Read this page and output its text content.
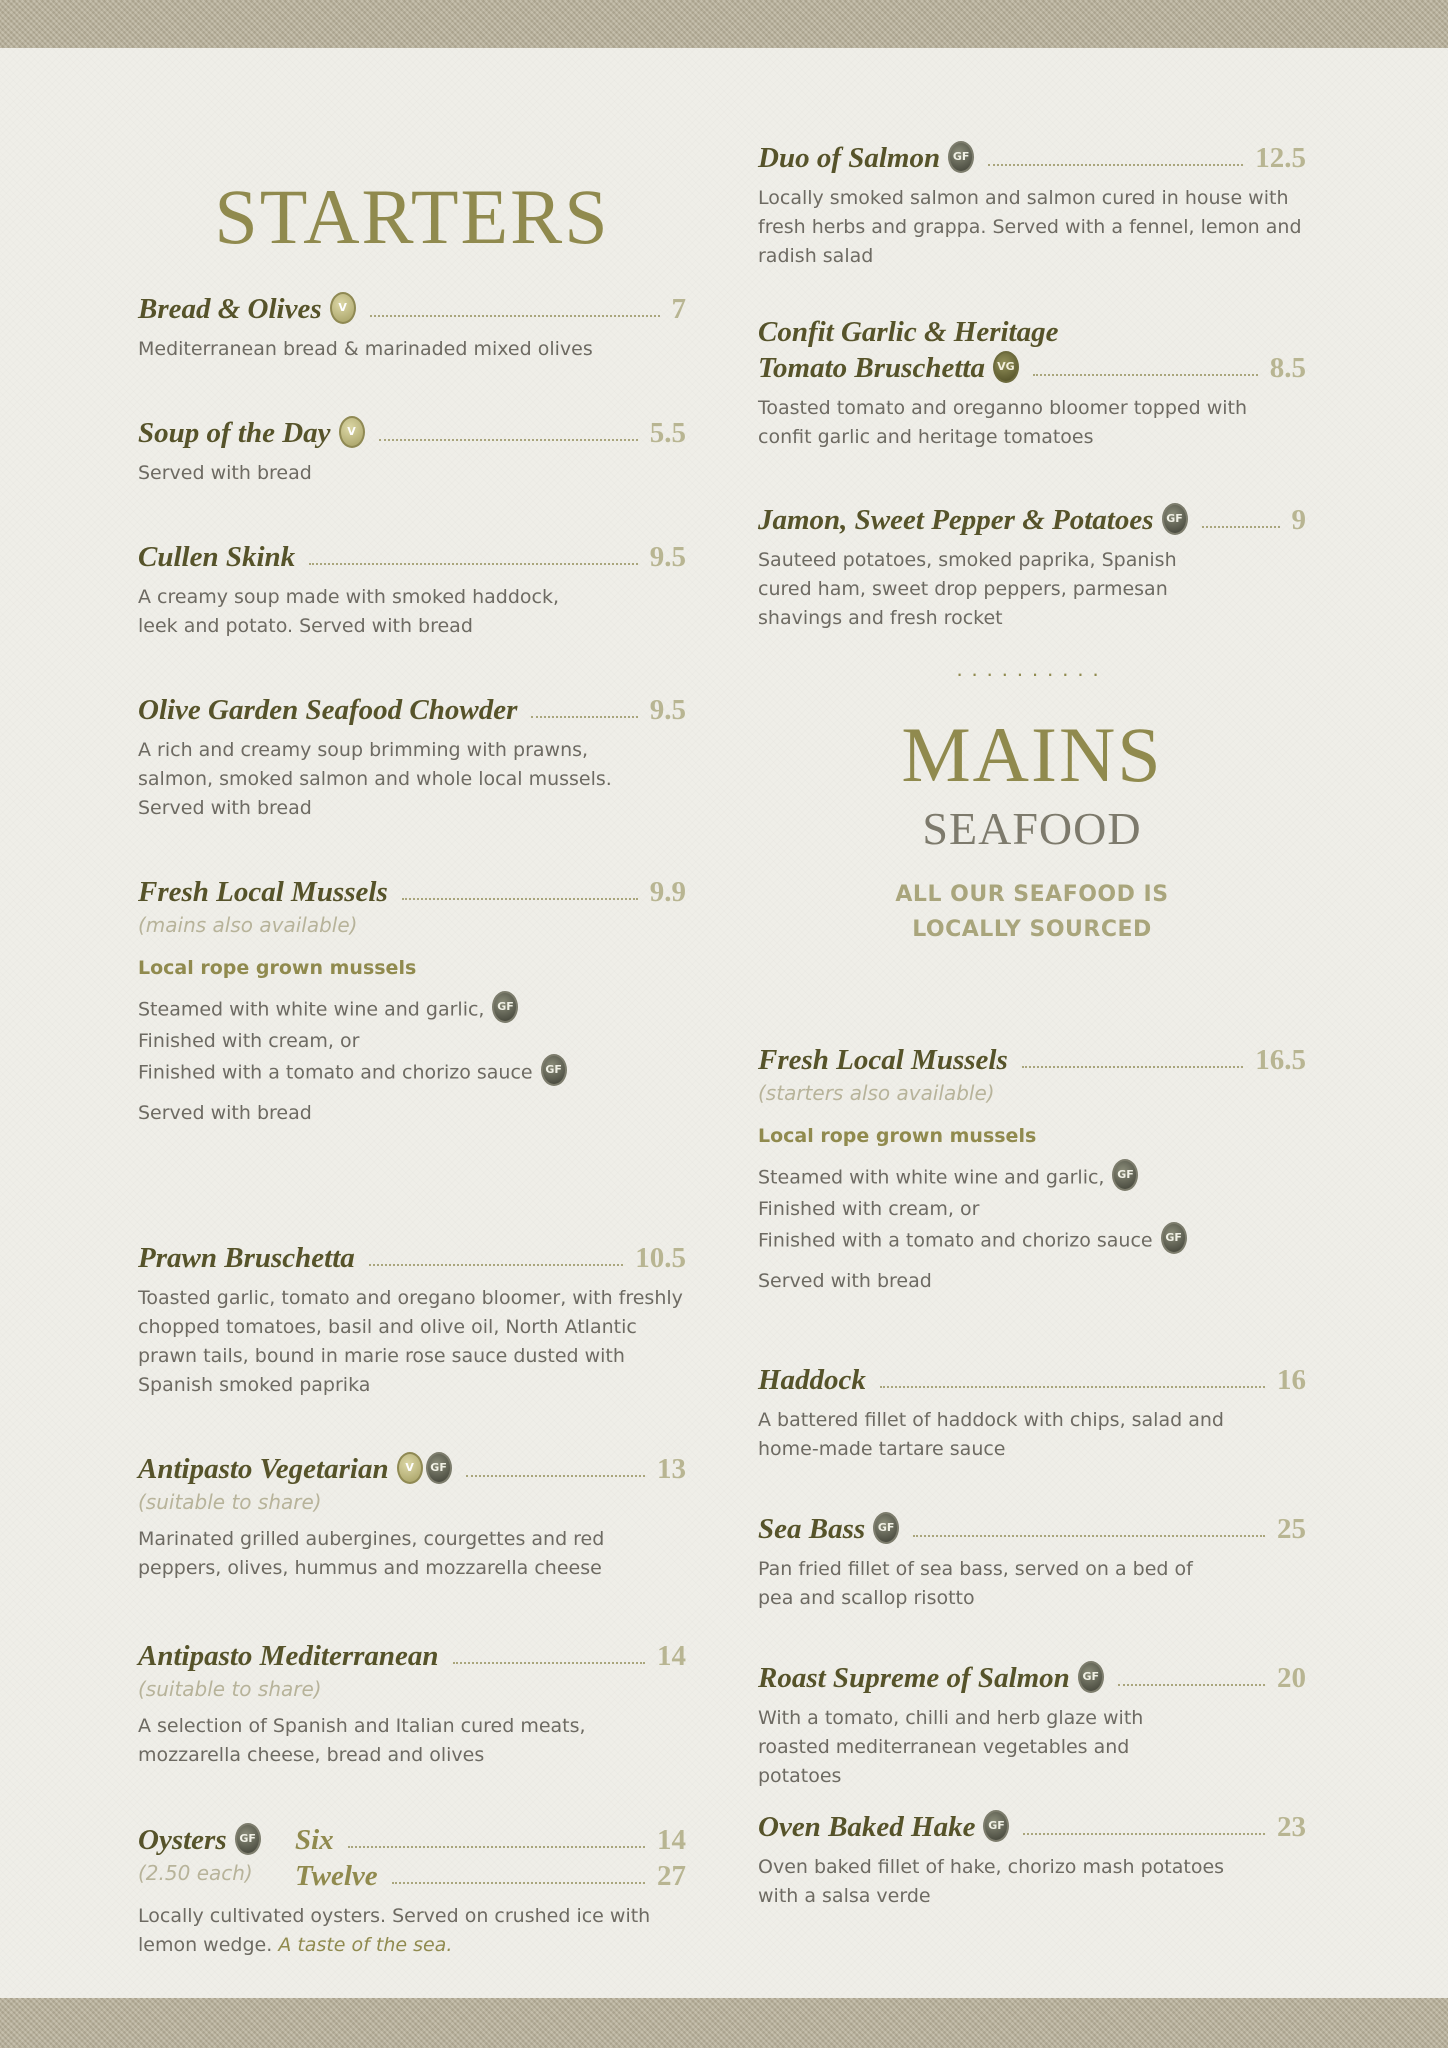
STARTERS
Bread & Olives	V	7
Mediterranean bread & marinaded mixed olives
Soup of the Day	V	5.5
Served with bread
Cullen Skink	9.5
A creamy soup made with smoked haddock, leek and potato. Served with bread
Olive Garden Seafood Chowder	9.5
A rich and creamy soup brimming with prawns, salmon, smoked salmon and whole local mussels. Served with bread
Fresh Local Mussels	9.9
(mains also available)
Local rope grown mussels
Steamed with white wine and garlic, GF
Finished with cream, or
Finished with a tomato and chorizo sauce GF
Served with bread
Prawn Bruschetta	10.5
Toasted garlic, tomato and oregano bloomer, with freshly chopped tomatoes, basil and olive oil, North Atlantic prawn tails, bound in marie rose sauce dusted with Spanish smoked paprika
Antipasto Vegetarian	V	GF	13
(suitable to share)
Marinated grilled aubergines, courgettes and red peppers, olives, hummus and mozzarella cheese
Antipasto Mediterranean	14
(suitable to share)
A selection of Spanish and Italian cured meats, mozzarella cheese, bread and olives
Oysters	GF
(2.50 each)
Six	14
Twelve	27
Locally cultivated oysters. Served on crushed ice with lemon wedge. A taste of the sea.
Duo of Salmon	GF	12.5
Locally smoked salmon and salmon cured in house with fresh herbs and grappa. Served with a fennel, lemon and radish salad
Confit Garlic & Heritage
Tomato Bruschetta	VG	8.5
Toasted tomato and oreganno bloomer topped with confit garlic and heritage tomatoes
Jamon, Sweet Pepper & Potatoes	GF	9
Sauteed potatoes, smoked paprika, Spanish cured ham, sweet drop peppers, parmesan shavings and fresh rocket
..........
MAINS
SEAFOOD
ALL OUR SEAFOOD IS
LOCALLY SOURCED
Fresh Local Mussels	16.5
(starters also available)
Local rope grown mussels
Steamed with white wine and garlic, GF
Finished with cream, or
Finished with a tomato and chorizo sauce GF
Served with bread
Haddock	16
A battered fillet of haddock with chips, salad and home-made tartare sauce
Sea Bass	GF	25
Pan fried fillet of sea bass, served on a bed of pea and scallop risotto
Roast Supreme of Salmon	GF	20
With a tomato, chilli and herb glaze with roasted mediterranean vegetables and potatoes
Oven Baked Hake	GF	23
Oven baked fillet of hake, chorizo mash potatoes with a salsa verde
